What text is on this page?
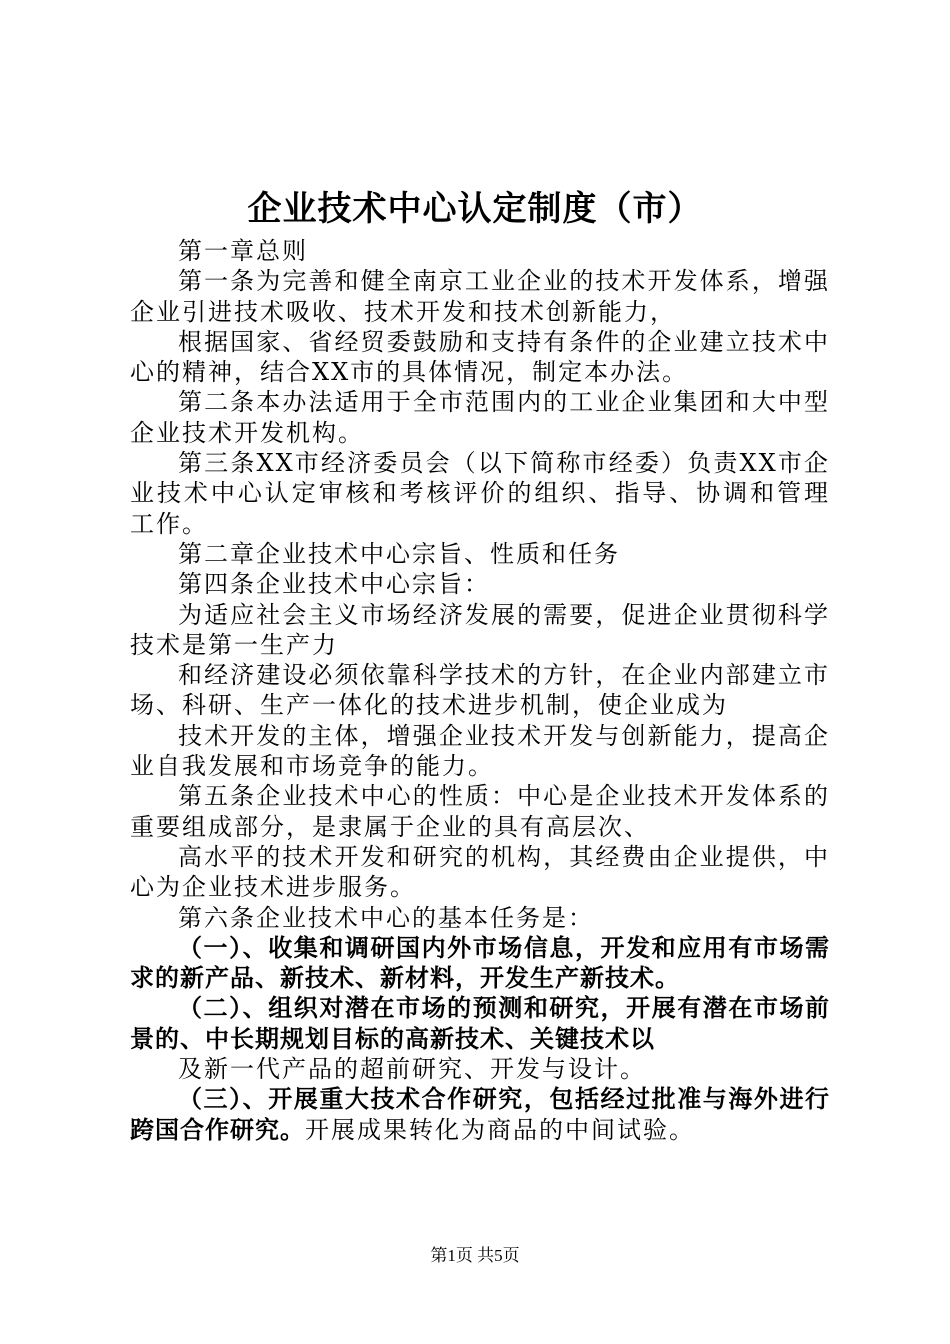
企业技术中心认定制度（市）

第一章总则

第一条为完善和健全南京工业企业的技术开发体系，增强企业引进技术吸收、技术开发和技术创新能力，

根据国家、省经贸委鼓励和支持有条件的企业建立技术中心的精神，结合XX市的具体情况，制定本办法。

第二条本办法适用于全市范围内的工业企业集团和大中型企业技术开发机构。

第三条XX市经济委员会（以下简称市经委）负责XX市企业技术中心认定审核和考核评价的组织、指导、协调和管理工作。

第二章企业技术中心宗旨、性质和任务

第四条企业技术中心宗旨：

为适应社会主义市场经济发展的需要，促进企业贯彻科学技术是第一生产力

和经济建设必须依靠科学技术的方针，在企业内部建立市场、科研、生产一体化的技术进步机制，使企业成为

技术开发的主体，增强企业技术开发与创新能力，提高企业自我发展和市场竞争的能力。

第五条企业技术中心的性质：中心是企业技术开发体系的重要组成部分，是隶属于企业的具有高层次、

高水平的技术开发和研究的机构，其经费由企业提供，中心为企业技术进步服务。

第六条企业技术中心的基本任务是：

（一）、收集和调研国内外市场信息，开发和应用有市场需求的新产品、新技术、新材料，开发生产新技术。

（二）、组织对潜在市场的预测和研究，开展有潜在市场前景的、中长期规划目标的高新技术、关键技术以

及新一代产品的超前研究、开发与设计。

（三）、开展重大技术合作研究，包括经过批准与海外进行跨国合作研究。开展成果转化为商品的中间试验。

第1页 共5页
